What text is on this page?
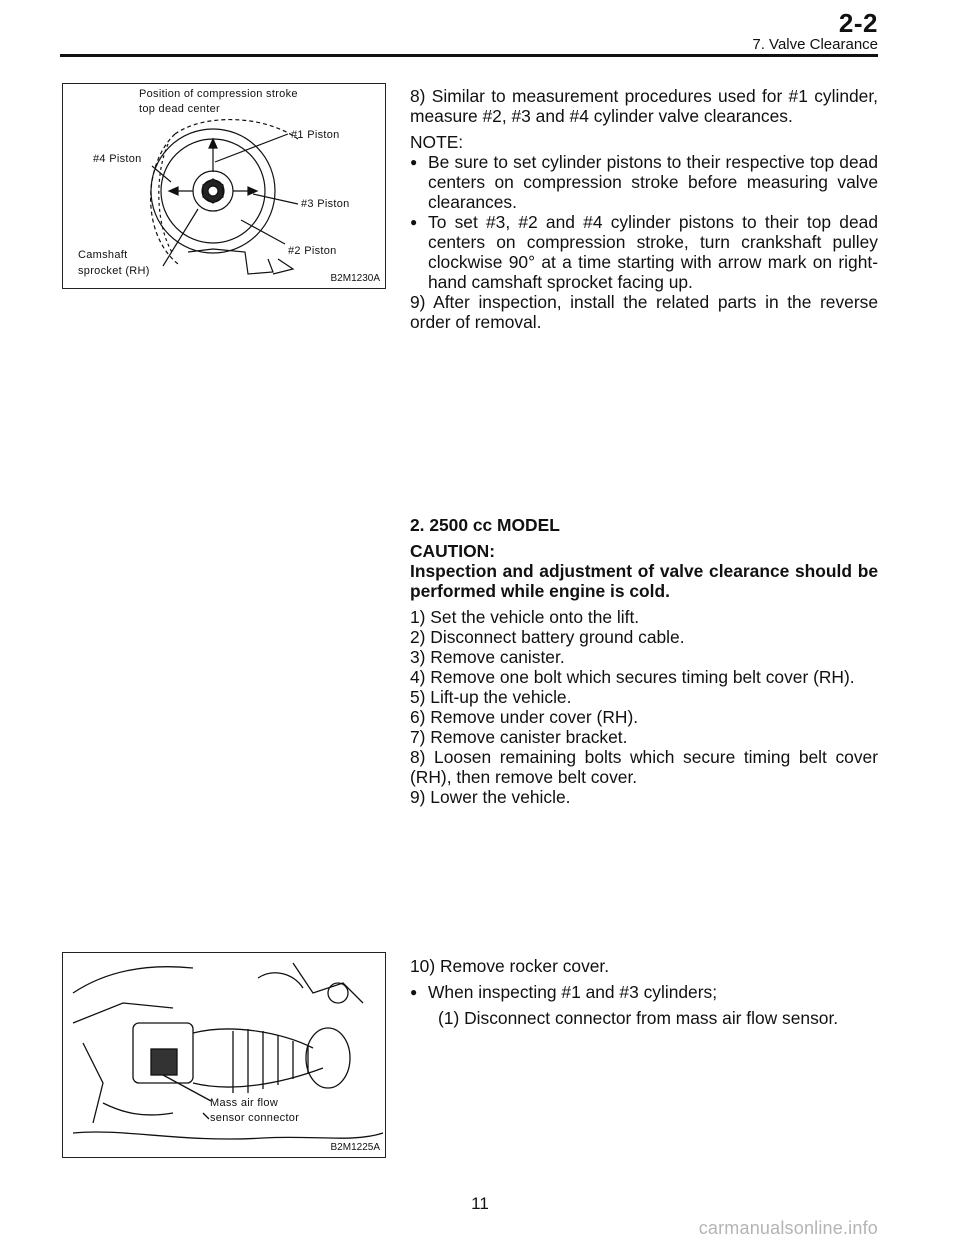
2-2
7. Valve Clearance
Position of compression stroke
top dead center
#1 Piston
#4 Piston
#3 Piston
#2 Piston
Camshaft
sprocket (RH)
B2M1230A
Mass air flow
sensor connector
B2M1225A

8) Similar to measurement procedures used for #1 cylinder, measure #2, #3 and #4 cylinder valve clearances.

NOTE:

● Be sure to set cylinder pistons to their respective top dead centers on compression stroke before measuring valve clearances.

● To set #3, #2 and #4 cylinder pistons to their top dead centers on compression stroke, turn crankshaft pulley clockwise 90° at a time starting with arrow mark on right-hand camshaft sprocket facing up.

9) After inspection, install the related parts in the reverse order of removal.

2. 2500 cc MODEL

CAUTION:

Inspection and adjustment of valve clearance should be performed while engine is cold.

1) Set the vehicle onto the lift.

2) Disconnect battery ground cable.

3) Remove canister.

4) Remove one bolt which secures timing belt cover (RH).

5) Lift-up the vehicle.

6) Remove under cover (RH).

7) Remove canister bracket.

8) Loosen remaining bolts which secure timing belt cover (RH), then remove belt cover.

9) Lower the vehicle.

10) Remove rocker cover.

● When inspecting #1 and #3 cylinders;

(1) Disconnect connector from mass air flow sensor.

11
carmanualsonline.info
